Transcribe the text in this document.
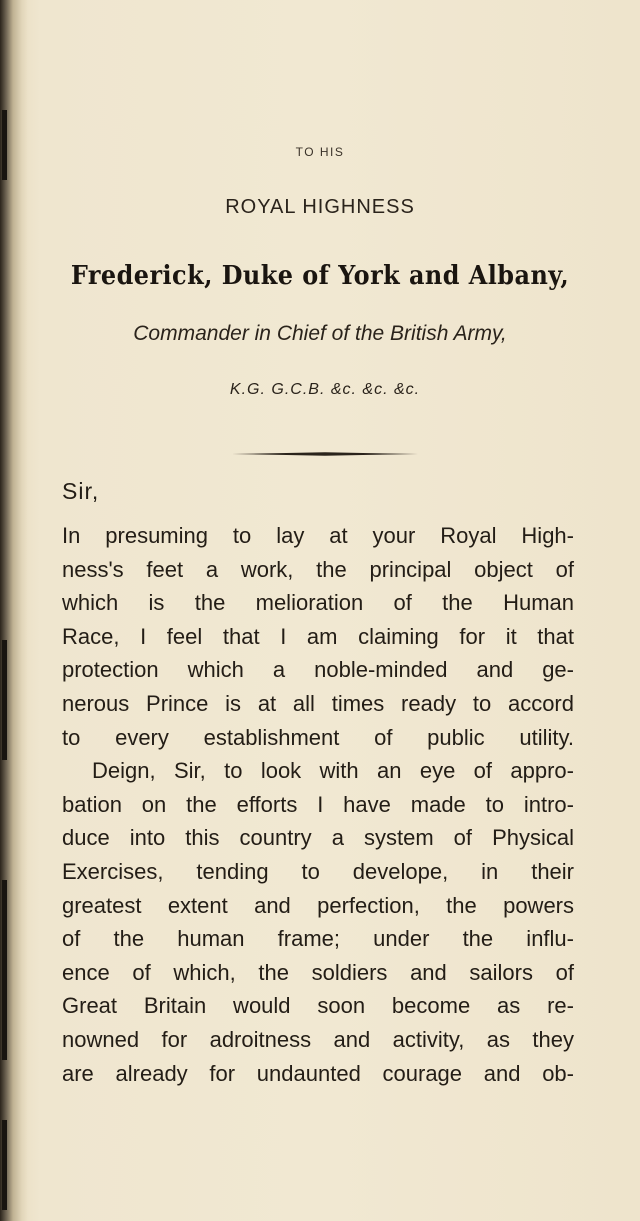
TO HIS
ROYAL HIGHNESS
Frederick, Duke of York and Albany,
Commander in Chief of the British Army,
K.G. G.C.B. &c. &c. &c.
Sir,
In presuming to lay at your Royal High-
ness's feet a work, the principal object of
which is the melioration of the Human
Race, I feel that I am claiming for it that
protection which a noble-minded and ge-
nerous Prince is at all times ready to accord
to every establishment of public utility.
Deign, Sir, to look with an eye of appro-
bation on the efforts I have made to intro-
duce into this country a system of Physical
Exercises, tending to develope, in their
greatest extent and perfection, the powers
of the human frame; under the influ-
ence of which, the soldiers and sailors of
Great Britain would soon become as re-
nowned for adroitness and activity, as they
are already for undaunted courage and ob-
